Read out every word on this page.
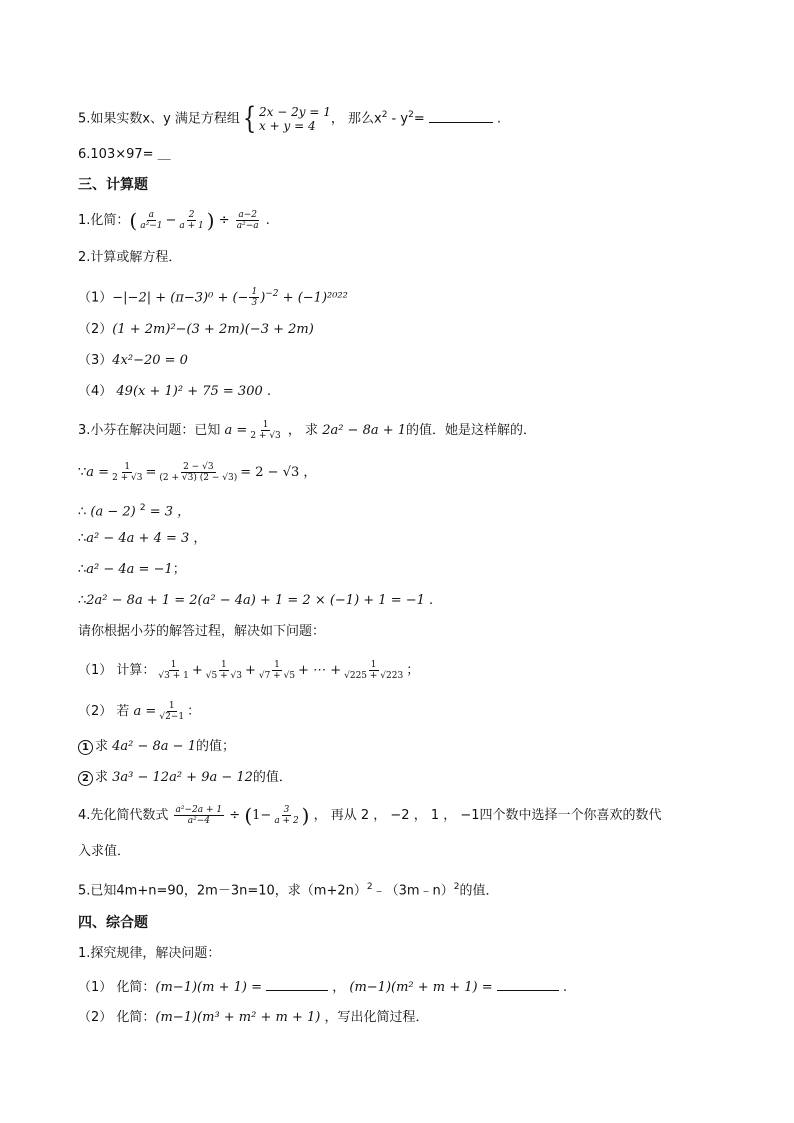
5.如果实数x、y 满足方程组 { 2x − 2y = 1
x + y = 4	， 那么$x^2 - y^2=$	.
6.103×97= ＿
三、计算题
1.化简：( $\frac{a}{\text{a²−1}} - \frac{2}{a + 1}$ ) ÷ $\frac{a-2}{\text{a²−a}}$ .
2.计算或解方程．
（1）−|−2| + (π−3)⁰ + (− $\frac{1}{3} )^{-2} + (-1)^{2022}$
（2）(1 + 2m)²−(3 + 2m)(−3 + 2m)
（3）4x²−20 = 0
（4） 49(x + 1)² + 75 = 300 .
3.小芬在解决问题：已知 $a = \frac{1}{2 + √3}$ ， 求 2a² − 8a + 1的值．她是这样解的．
∵a = $\frac{1}{2 + √3} = \frac{2 - √3}{(2 + √3) (2 - √3)} = 2 - √3$ ，
∴ (a − 2) $^2$ = 3 ，
∴a² − 4a + 4 = 3 ，
∴a² − 4a = −1；
∴2a² − 8a + 1 = 2(a² − 4a) + 1 = 2 × (−1) + 1 = −1 .
请你根据小芬的解答过程，解决如下问题：
（1） 计算： $\frac{1}{√3 + 1} + \frac{1}{√5 + √3} + \frac{1}{√7 + √5}$ + ⋯ + $\frac{1}{√225 + √223}$ ；
（2） 若 $a = \frac{1}{√2-1}$ ：
1 求 4a² − 8a − 1的值；
2 求 3a³ − 12a² + 9a − 12的值．
4.先化简代数式 $\frac{\text{a²−2a + 1}}{\text{a²−4}} \div (1- \frac{3}{a + 2}$ ) ， 再从 2 ， −2 ， 1 ， −1四个数中选择一个你喜欢的数代
入求值．
5.已知4m+n=90，2m－3n=10，求$(m+2n)^2﹣(3m﹣n)^2$的值．
四、综合题
1.探究规律，解决问题：
（1） 化简：(m−1)(m + 1) =	， (m−1)(m² + m + 1) =	.
（2） 化简：(m−1)(m³ + m² + m + 1) ，写出化简过程．
